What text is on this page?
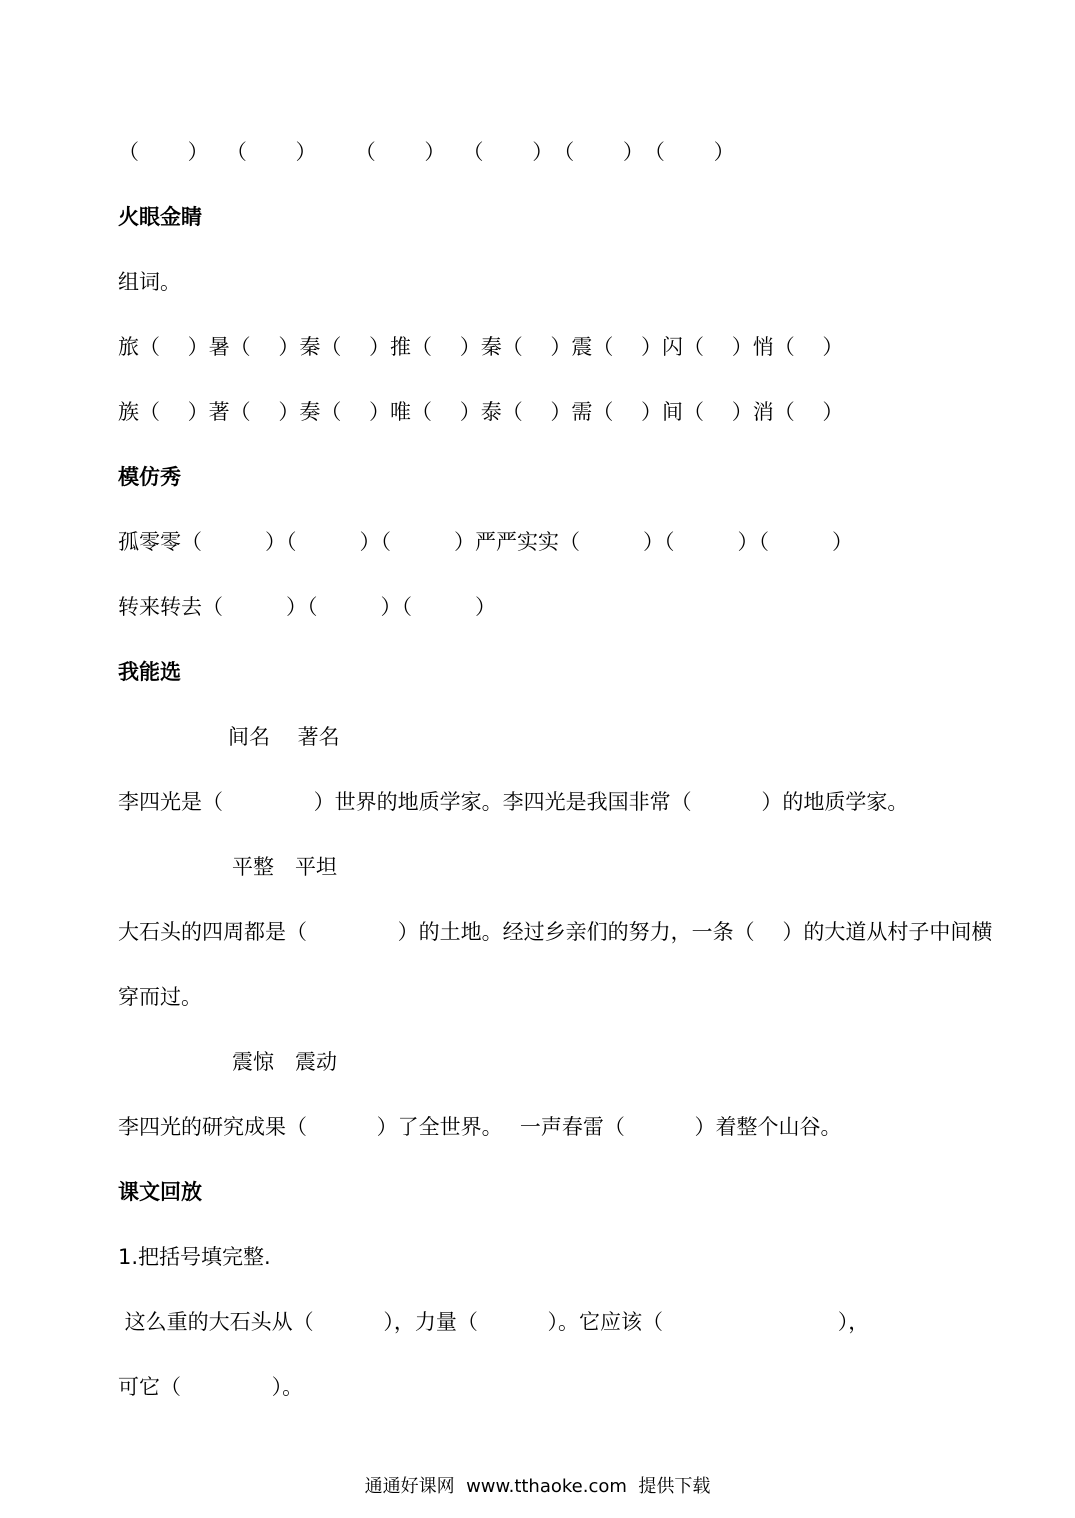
（　　 ）　 （　　 ）　　 （　　 ）　 （　　 ）　（　　 ）　（　　 ）

火眼金睛

组词。

旅（　 ）暑（　 ）秦（　 ）推（　 ）秦（　 ）震（　 ）闪（　 ）悄（　 ）

族（　 ）著（　 ）奏（　 ）唯（　 ）泰（　 ）需（　 ）间（　 ）消（　 ）

模仿秀

孤零零（　　　）（　　　）（　　　）严严实实（　　　）（　　　）（　　　）

转来转去（　　　）（　　　）（　　　）

我能选

间名　 著名

李四光是（　　　　 ）世界的地质学家。李四光是我国非常（　　　 ）的地质学家。

平整　平坦

大石头的四周都是（　　　　 ）的土地。经过乡亲们的努力，一条（　 ）的大道从村子中间横

穿而过。

震惊　震动

李四光的研究成果（　　　 ）了全世界。　 一声春雷（　　　 ）着整个山谷。

课文回放

1.把括号填完整.

这么重的大石头从（　　　 ），力量（　　　 ）。它应该（　　　　　　　　 ），

可它（　　　　 ）。

通通好课网  www.tthaoke.com  提供下载
